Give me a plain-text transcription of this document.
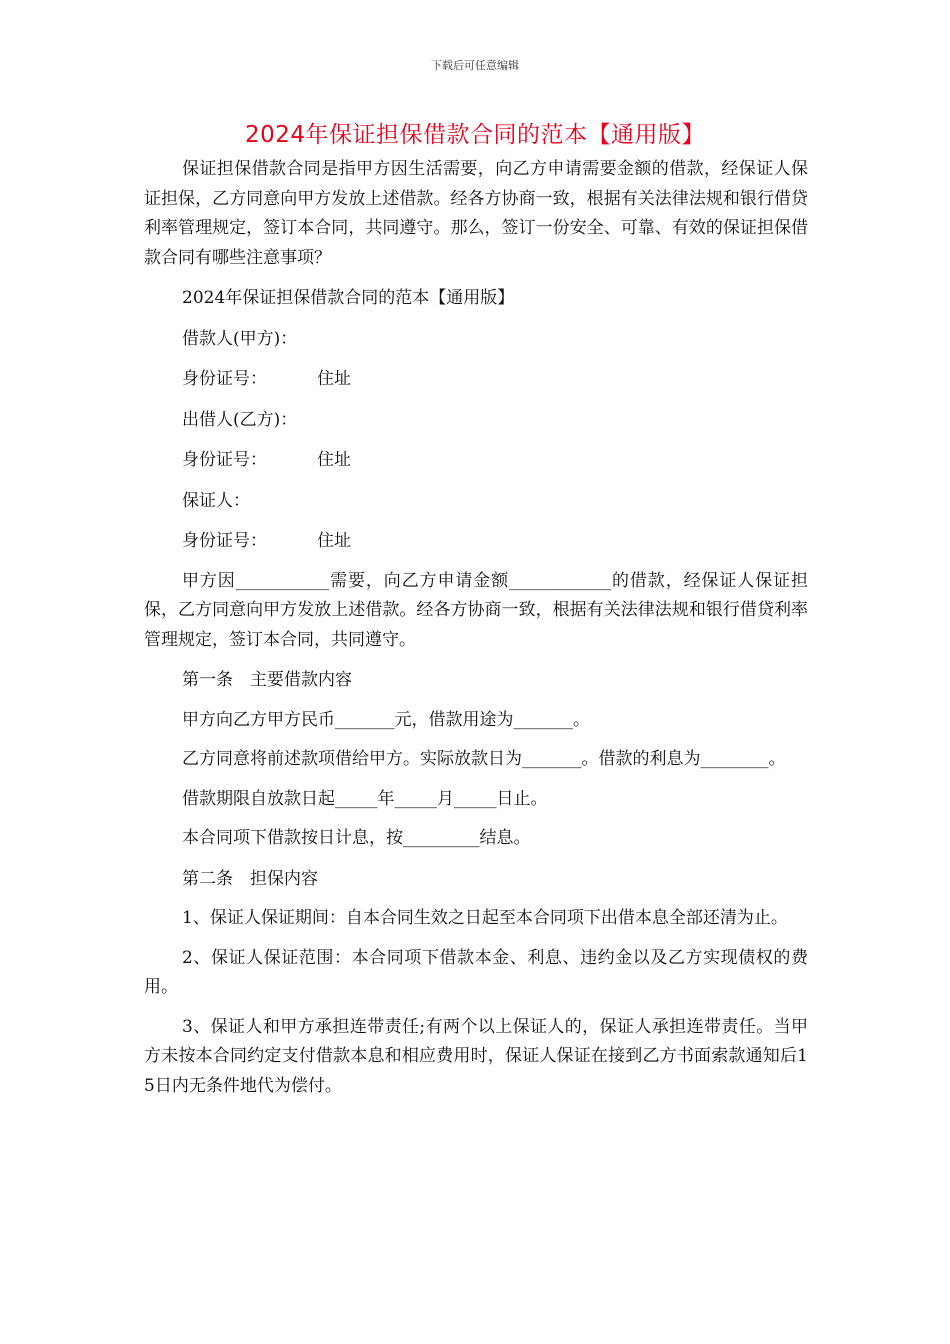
下载后可任意编辑
2024年保证担保借款合同的范本【通用版】

保证担保借款合同是指甲方因生活需要，向乙方申请需要金额的借款，经保证人保证担保，乙方同意向甲方发放上述借款。经各方协商一致，根据有关法律法规和银行借贷利率管理规定，签订本合同，共同遵守。那么，签订一份安全、可靠、有效的保证担保借款合同有哪些注意事项？

2024年保证担保借款合同的范本【通用版】
借款人(甲方)：
身份证号：	住址
出借人(乙方)：
身份证号：	住址
保证人：
身份证号：	住址

甲方因___________需要，向乙方申请金额____________的借款，经保证人保证担保，乙方同意向甲方发放上述借款。经各方协商一致，根据有关法律法规和银行借贷利率管理规定，签订本合同，共同遵守。

第一条　主要借款内容

甲方向乙方甲方民币_______元，借款用途为_______。

乙方同意将前述款项借给甲方。实际放款日为_______。借款的利息为________。

借款期限自放款日起_____年_____月_____日止。

本合同项下借款按日计息，按_________结息。

第二条　担保内容

1、保证人保证期间：自本合同生效之日起至本合同项下出借本息全部还清为止。

2、保证人保证范围：本合同项下借款本金、利息、违约金以及乙方实现债权的费用。

3、保证人和甲方承担连带责任;有两个以上保证人的，保证人承担连带责任。当甲方未按本合同约定支付借款本息和相应费用时，保证人保证在接到乙方书面索款通知后15日内无条件地代为偿付。
